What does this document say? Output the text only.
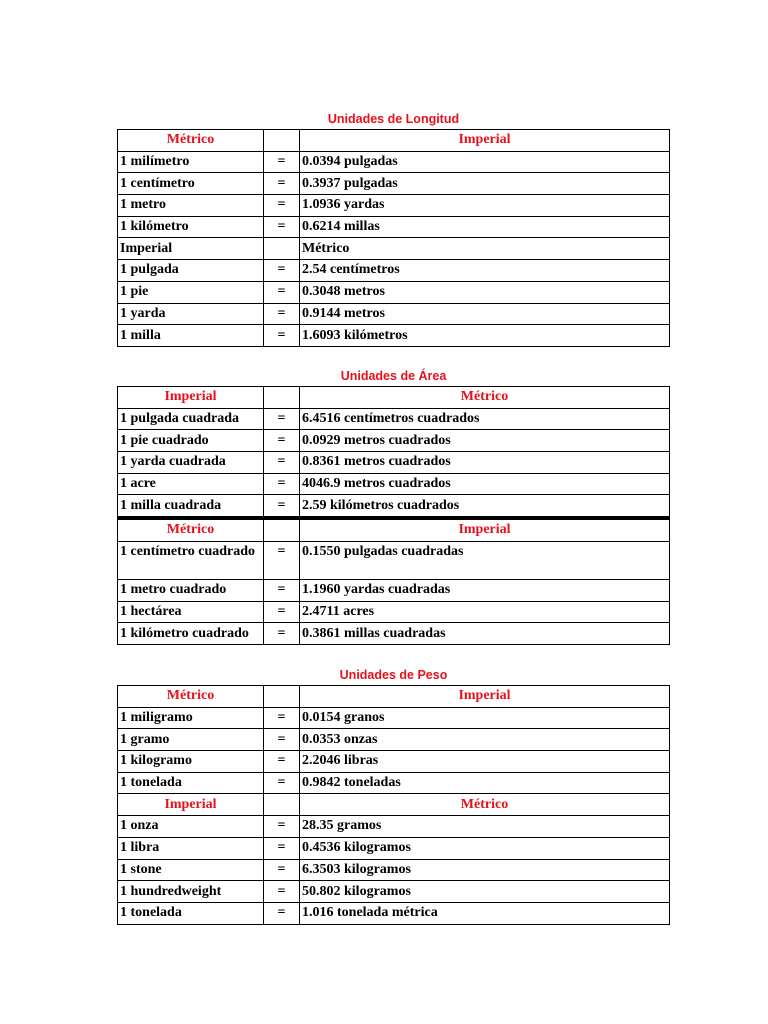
Unidades de Longitud
Métrico		Imperial
1 milímetro	=	0.0394 pulgadas
1 centímetro	=	0.3937 pulgadas
1 metro	=	1.0936 yardas
1 kilómetro	=	0.6214 millas
Imperial		Métrico
1 pulgada	=	2.54 centímetros
1 pie	=	0.3048 metros
1 yarda	=	0.9144 metros
1 milla	=	1.6093 kilómetros
Unidades de Área
Imperial		Métrico
1 pulgada cuadrada	=	6.4516 centímetros cuadrados
1 pie cuadrado	=	0.0929 metros cuadrados
1 yarda cuadrada	=	0.8361 metros cuadrados
1 acre	=	4046.9 metros cuadrados
1 milla cuadrada	=	2.59 kilómetros cuadrados
Métrico		Imperial
1 centímetro cuadrado	=	0.1550 pulgadas cuadradas
1 metro cuadrado	=	1.1960 yardas cuadradas
1 hectárea	=	2.4711 acres
1 kilómetro cuadrado	=	0.3861 millas cuadradas
Unidades de Peso
Métrico		Imperial
1 miligramo	=	0.0154 granos
1 gramo	=	0.0353 onzas
1 kilogramo	=	2.2046 libras
1 tonelada	=	0.9842 toneladas
Imperial		Métrico
1 onza	=	28.35 gramos
1 libra	=	0.4536 kilogramos
1 stone	=	6.3503 kilogramos
1 hundredweight	=	50.802 kilogramos
1 tonelada	=	1.016 tonelada métrica
